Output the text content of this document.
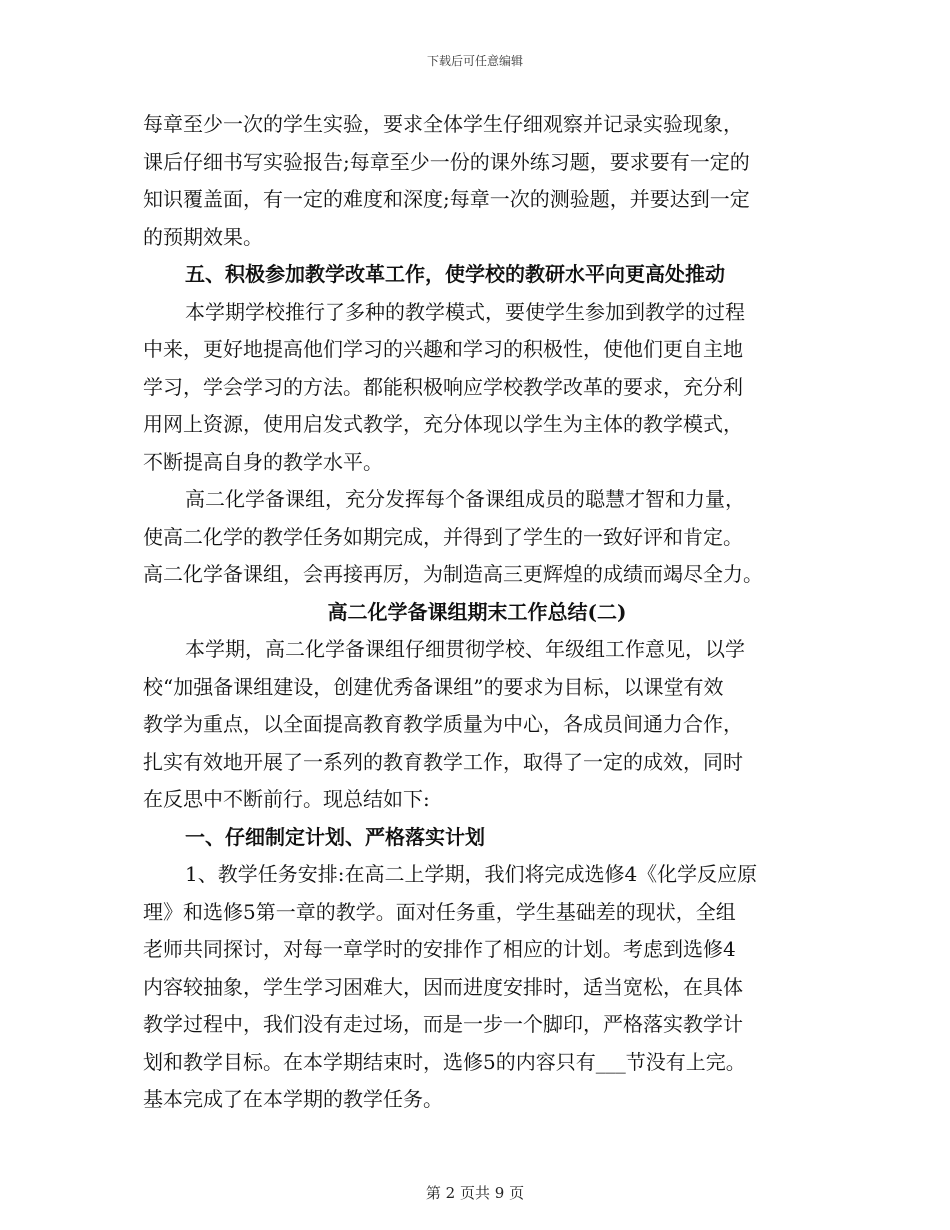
下载后可任意编辑
每章至少一次的学生实验，要求全体学生仔细观察并记录实验现象，
课后仔细书写实验报告;每章至少一份的课外练习题，要求要有一定的
知识覆盖面，有一定的难度和深度;每章一次的测验题，并要达到一定
的预期效果。
五、积极参加教学改革工作，使学校的教研水平向更高处推动
本学期学校推行了多种的教学模式，要使学生参加到教学的过程
中来，更好地提高他们学习的兴趣和学习的积极性，使他们更自主地
学习，学会学习的方法。都能积极响应学校教学改革的要求，充分利
用网上资源，使用启发式教学，充分体现以学生为主体的教学模式，
不断提高自身的教学水平。
高二化学备课组，充分发挥每个备课组成员的聪慧才智和力量，
使高二化学的教学任务如期完成，并得到了学生的一致好评和肯定。
高二化学备课组，会再接再厉，为制造高三更辉煌的成绩而竭尽全力。
高二化学备课组期末工作总结(二)
本学期，高二化学备课组仔细贯彻学校、年级组工作意见，以学
校“加强备课组建设，创建优秀备课组”的要求为目标，以课堂有效
教学为重点，以全面提高教育教学质量为中心，各成员间通力合作，
扎实有效地开展了一系列的教育教学工作，取得了一定的成效，同时
在反思中不断前行。现总结如下:
一、仔细制定计划、严格落实计划
1、教学任务安排:在高二上学期，我们将完成选修4《化学反应原
理》和选修5第一章的教学。面对任务重，学生基础差的现状，全组
老师共同探讨，对每一章学时的安排作了相应的计划。考虑到选修4
内容较抽象，学生学习困难大，因而进度安排时，适当宽松，在具体
教学过程中，我们没有走过场，而是一步一个脚印，严格落实教学计
划和教学目标。在本学期结束时，选修5的内容只有___节没有上完。
基本完成了在本学期的教学任务。
第 2 页共 9 页
